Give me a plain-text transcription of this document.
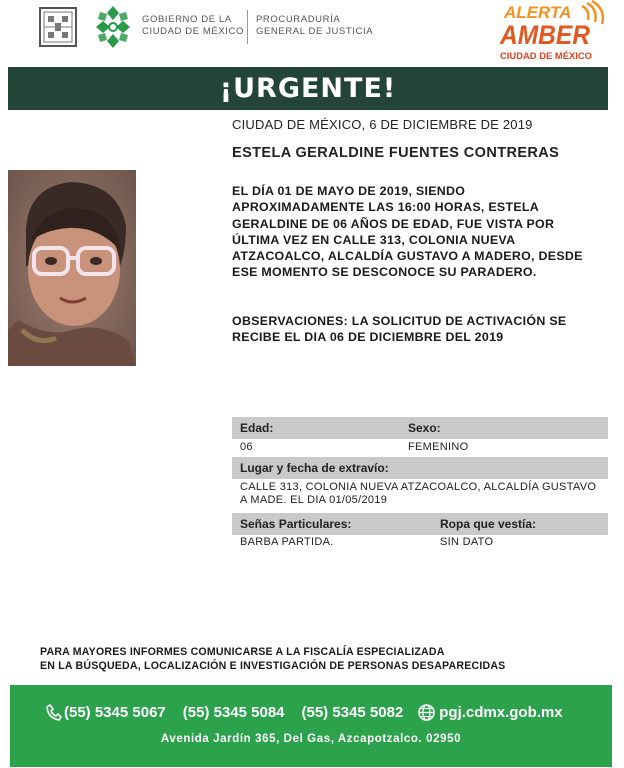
GOBIERNO DE LA
CIUDAD DE MÉXICO
PROCURADURÍA
GENERAL DE JUSTICIA
ALERTA
AMBER
CIUDAD DE MÉXICO
¡URGENTE!
CIUDAD DE MÉXICO, 6 DE DICIEMBRE DE 2019
ESTELA GERALDINE FUENTES CONTRERAS
EL DÍA 01 DE MAYO DE 2019, SIENDO APROXIMADAMENTE LAS 16:00 HORAS, ESTELA GERALDINE DE 06 AÑOS DE EDAD, FUE VISTA POR ÚLTIMA VEZ EN CALLE 313, COLONIA NUEVA ATZACOALCO, ALCALDÍA GUSTAVO A MADERO, DESDE ESE MOMENTO SE DESCONOCE SU PARADERO.
OBSERVACIONES: LA SOLICITUD DE ACTIVACIÓN SE RECIBE EL DIA 06 DE DICIEMBRE DEL 2019
Edad:	Sexo:
06	FEMENINO
Lugar y fecha de extravío:
CALLE 313, COLONIA NUEVA ATZACOALCO, ALCALDÍA GUSTAVO A MADE. EL DIA 01/05/2019
Señas Particulares:	Ropa que vestía:
BARBA PARTIDA.	SIN DATO
PARA MAYORES INFORMES COMUNICARSE A LA FISCALÍA ESPECIALIZADA
EN LA BÚSQUEDA, LOCALIZACIÓN E INVESTIGACIÓN DE PERSONAS DESAPARECIDAS
(55) 5345 5067 (55) 5345 5084 (55) 5345 5082 pgj.cdmx.gob.mx
Avenida Jardín 365, Del Gas, Azcapotzalco. 02950
